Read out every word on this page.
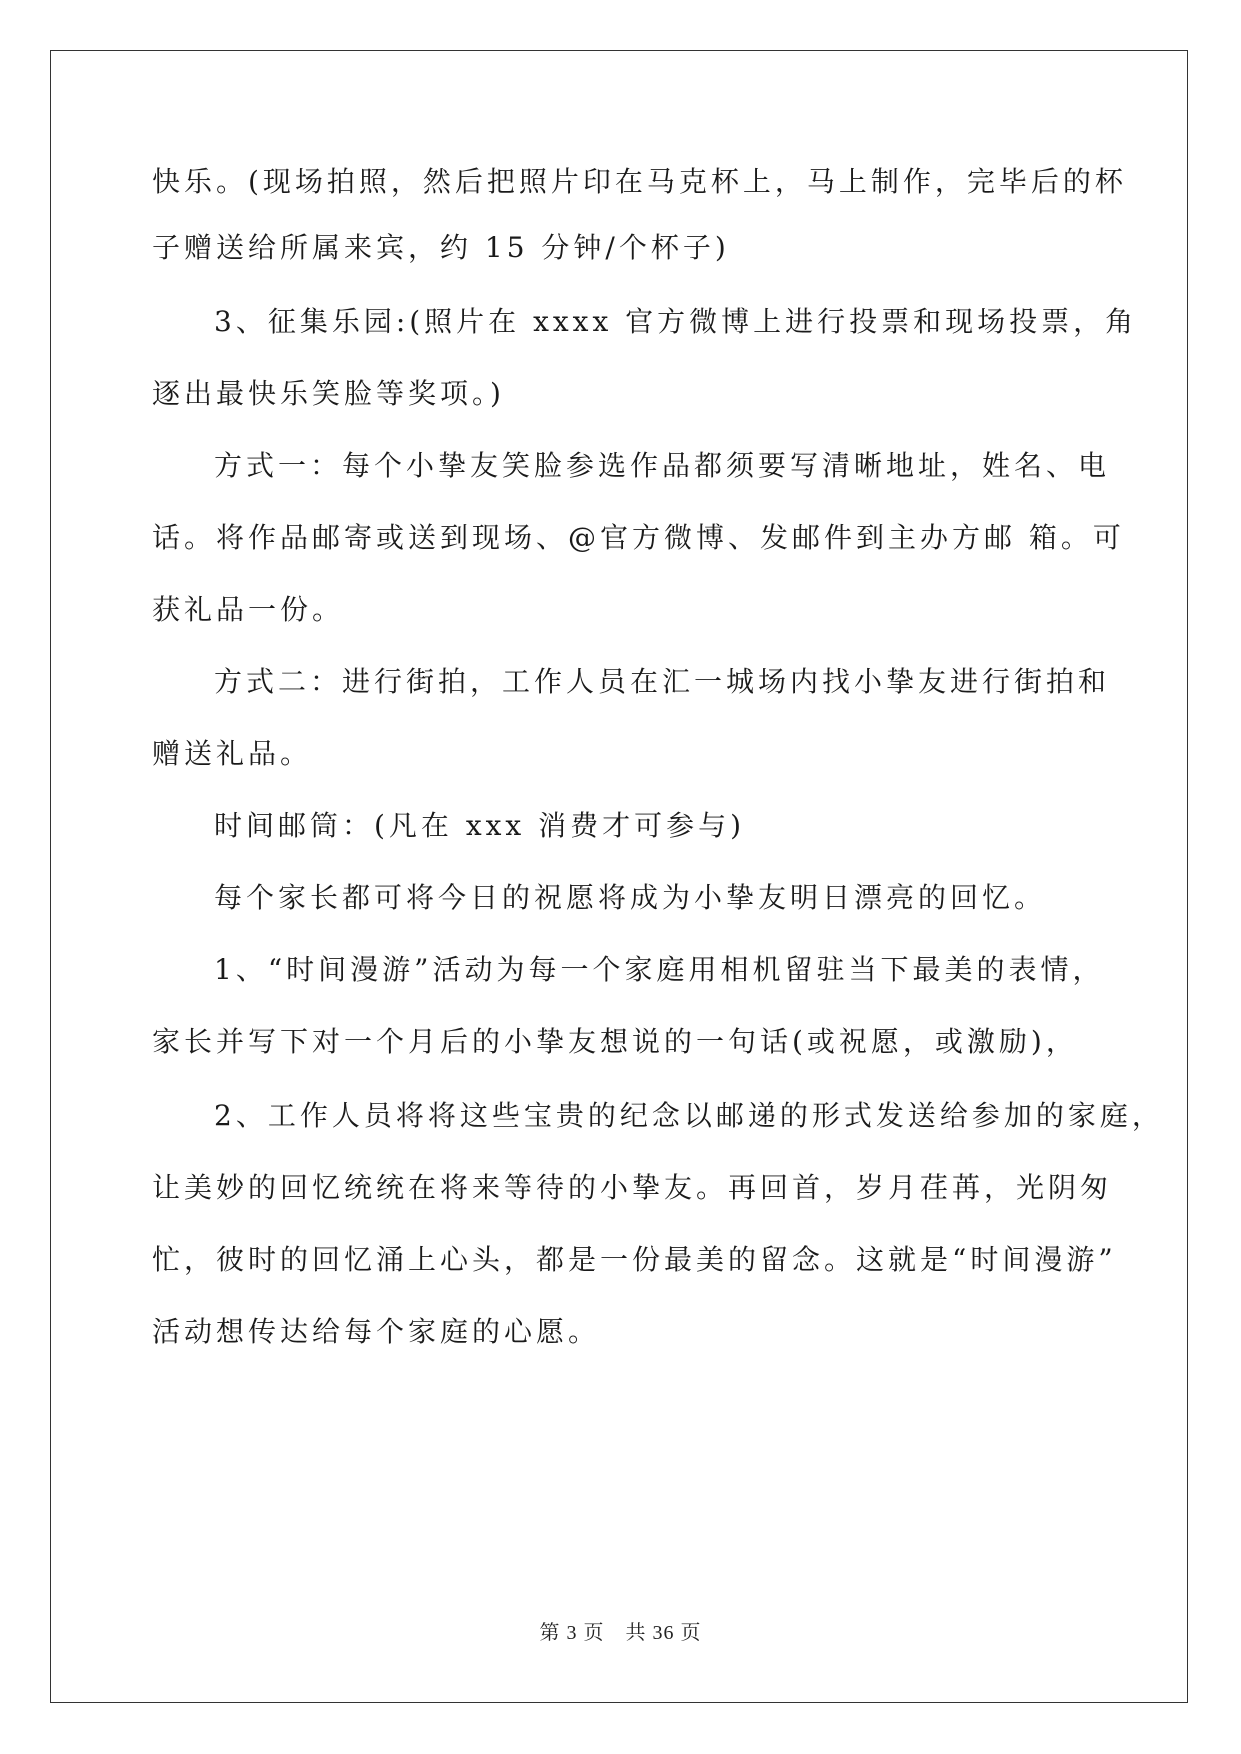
快乐。(现场拍照，然后把照片印在马克杯上，马上制作，完毕后的杯
子赠送给所属来宾，约 15 分钟/个杯子)
3、征集乐园:(照片在 xxxx 官方微博上进行投票和现场投票，角
逐出最快乐笑脸等奖项。)
方式一：每个小挚友笑脸参选作品都须要写清晰地址，姓名、电
话。将作品邮寄或送到现场、@官方微博、发邮件到主办方邮 箱。可
获礼品一份。
方式二：进行街拍，工作人员在汇一城场内找小挚友进行街拍和
赠送礼品。
时间邮筒：(凡在 xxx 消费才可参与)
每个家长都可将今日的祝愿将成为小挚友明日漂亮的回忆。
1、“时间漫游”活动为每一个家庭用相机留驻当下最美的表情，
家长并写下对一个月后的小挚友想说的一句话(或祝愿，或激励)，
2、工作人员将将这些宝贵的纪念以邮递的形式发送给参加的家庭，
让美妙的回忆统统在将来等待的小挚友。再回首，岁月荏苒，光阴匆
忙，彼时的回忆涌上心头，都是一份最美的留念。这就是“时间漫游”
活动想传达给每个家庭的心愿。
第 3 页　共 36 页
